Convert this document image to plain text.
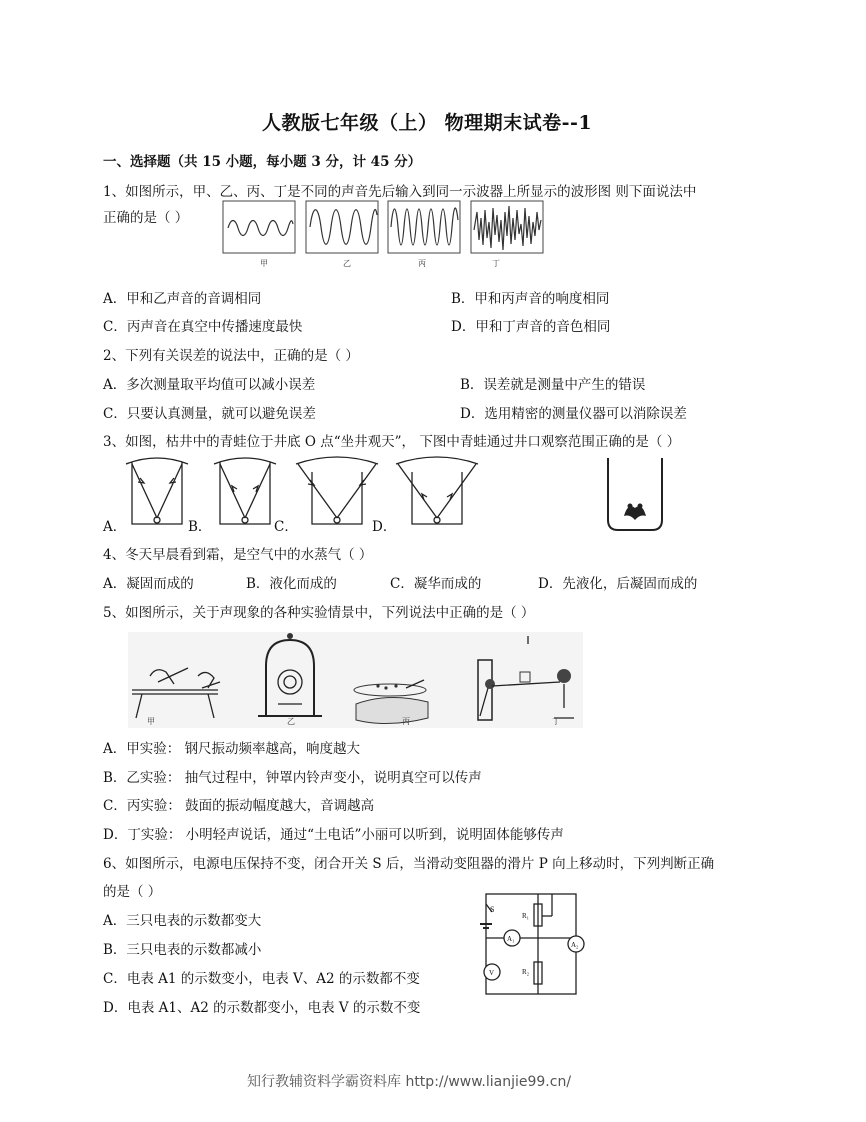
人教版七年级（上） 物理期末试卷--1
一、选择题（共 15 小题，每小题 3 分，计 45 分）
1、如图所示，甲、乙、丙、丁是不同的声音先后输入到同一示波器上所显示的波形图 则下面说法中
正确的是（ ）
甲	乙	丙	丁
A．甲和乙声音的音调相同	B．甲和丙声音的响度相同
C．丙声音在真空中传播速度最快	D．甲和丁声音的音色相同
2、下列有关误差的说法中，正确的是（ ）
A．多次测量取平均值可以减小误差	B．误差就是测量中产生的错误
C．只要认真测量，就可以避免误差	D．选用精密的测量仪器可以消除误差
3、如图，枯井中的青蛙位于井底 O 点“坐井观天”， 下图中青蛙通过井口观察范围正确的是（ ）
A．	B．	C．	D．
4、冬天早晨看到霜，是空气中的水蒸气（ ）
A．凝固而成的	B．液化而成的	C．凝华而成的	D．先液化，后凝固而成的
5、如图所示，关于声现象的各种实验情景中，下列说法中正确的是（ ）
甲	乙	丙	丁
A．甲实验： 钢尺振动频率越高，响度越大
B．乙实验： 抽气过程中，钟罩内铃声变小，说明真空可以传声
C．丙实验： 鼓面的振动幅度越大，音调越高
D．丁实验： 小明轻声说话，通过“土电话”小丽可以听到，说明固体能够传声
6、如图所示，电源电压保持不变，闭合开关 S 后，当滑动变阻器的滑片 P 向上移动时，下列判断正确
的是（ ）
S
R₁
R₂
A₁
A₂
V
A．三只电表的示数都变大
B．三只电表的示数都减小
C．电表 A1 的示数变小，电表 V、A2 的示数都不变
D．电表 A1、A2 的示数都变小，电表 V 的示数不变
知行教辅资料学霸资料库 http://www.lianjie99.cn/
